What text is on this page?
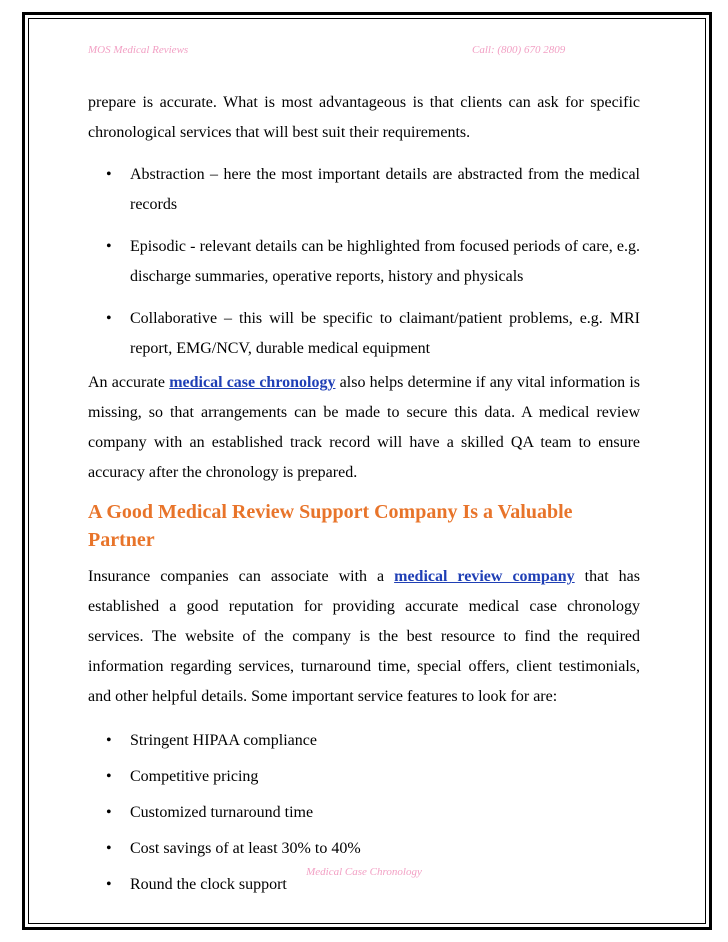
MOS Medical Reviews	Call: (800) 670 2809

prepare is accurate. What is most advantageous is that clients can ask for specific chronological services that will best suit their requirements.

• Abstraction – here the most important details are abstracted from the medical records
• Episodic - relevant details can be highlighted from focused periods of care, e.g. discharge summaries, operative reports, history and physicals
• Collaborative – this will be specific to claimant/patient problems, e.g. MRI report, EMG/NCV, durable medical equipment

An accurate medical case chronology also helps determine if any vital information is missing, so that arrangements can be made to secure this data. A medical review company with an established track record will have a skilled QA team to ensure accuracy after the chronology is prepared.

A Good Medical Review Support Company Is a Valuable Partner

Insurance companies can associate with a medical review company that has established a good reputation for providing accurate medical case chronology services. The website of the company is the best resource to find the required information regarding services, turnaround time, special offers, client testimonials, and other helpful details. Some important service features to look for are:

• Stringent HIPAA compliance
• Competitive pricing
• Customized turnaround time
• Cost savings of at least 30% to 40%
• Round the clock support
Medical Case Chronology
